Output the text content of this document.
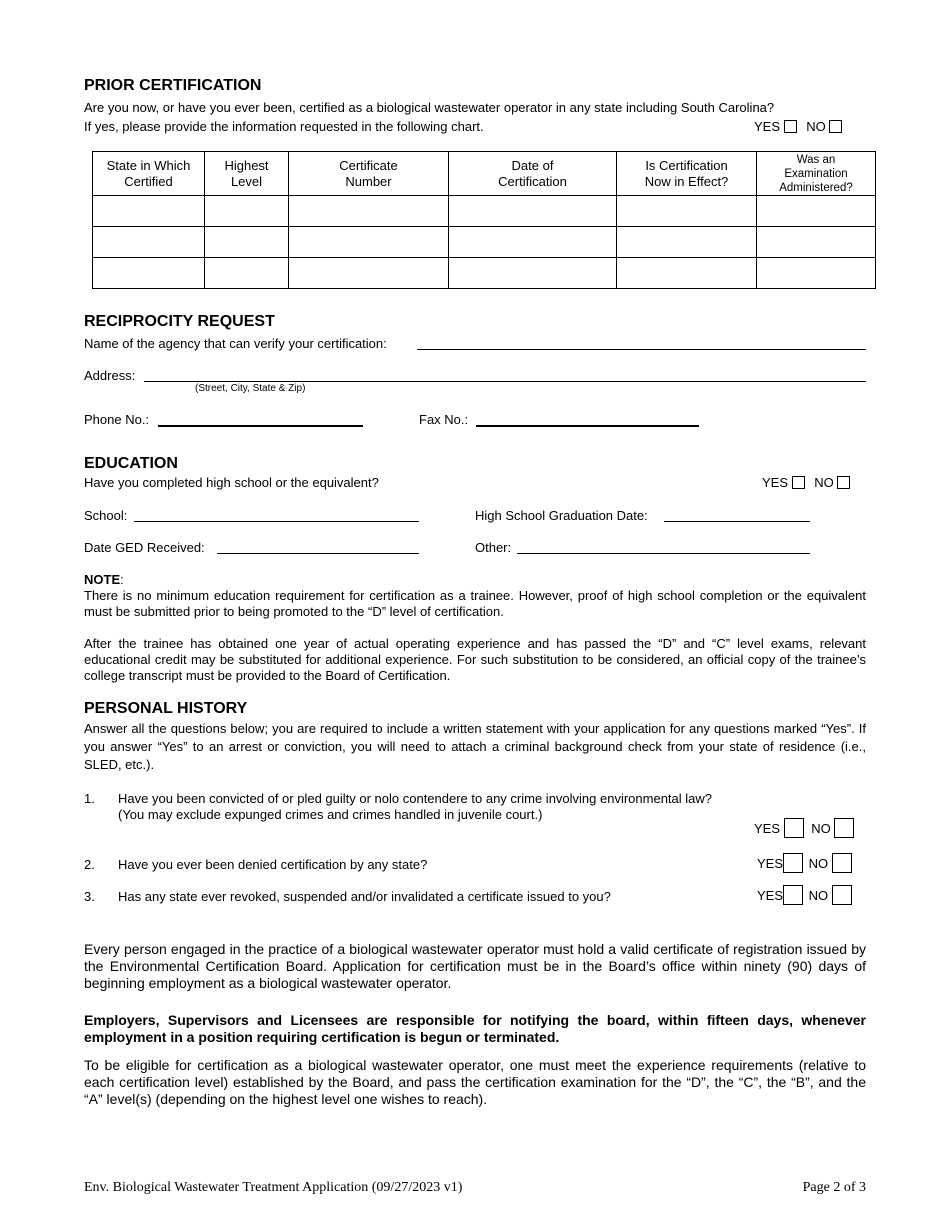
PRIOR CERTIFICATION
Are you now, or have you ever been, certified as a biological wastewater operator in any state including South Carolina?
If yes, please provide the information requested in the following chart.	YES NO
State in Which Certified	Highest Level	Certificate Number	Date of Certification	Is Certification Now in Effect?	Was an Examination Administered?

RECIPROCITY REQUEST
Name of the agency that can verify your certification:
Address:
(Street, City, State & Zip)
Phone No.:	Fax No.:
EDUCATION
Have you completed high school or the equivalent?	YES NO
School:	High School Graduation Date:
Date GED Received:	Other:
NOTE:
There is no minimum education requirement for certification as a trainee. However, proof of high school completion or the equivalent must be submitted prior to being promoted to the “D” level of certification.
After the trainee has obtained one year of actual operating experience and has passed the “D” and “C” level exams, relevant educational credit may be substituted for additional experience. For such substitution to be considered, an official copy of the trainee’s college transcript must be provided to the Board of Certification.
PERSONAL HISTORY
Answer all the questions below; you are required to include a written statement with your application for any questions marked “Yes”. If you answer “Yes” to an arrest or conviction, you will need to attach a criminal background check from your state of residence (i.e., SLED, etc.).
1. Have you been convicted of or pled guilty or nolo contendere to any crime involving environmental law? (You may exclude expunged crimes and crimes handled in juvenile court.)
YES NO
2. Have you ever been denied certification by any state?	YES NO
3. Has any state ever revoked, suspended and/or invalidated a certificate issued to you?	YES NO
Every person engaged in the practice of a biological wastewater operator must hold a valid certificate of registration issued by the Environmental Certification Board. Application for certification must be in the Board’s office within ninety (90) days of beginning employment as a biological wastewater operator.
Employers, Supervisors and Licensees are responsible for notifying the board, within fifteen days, whenever employment in a position requiring certification is begun or terminated.
To be eligible for certification as a biological wastewater operator, one must meet the experience requirements (relative to each certification level) established by the Board, and pass the certification examination for the “D”, the “C”, the “B”, and the “A” level(s) (depending on the highest level one wishes to reach).
Env. Biological Wastewater Treatment Application (09/27/2023 v1)	Page 2 of 3
